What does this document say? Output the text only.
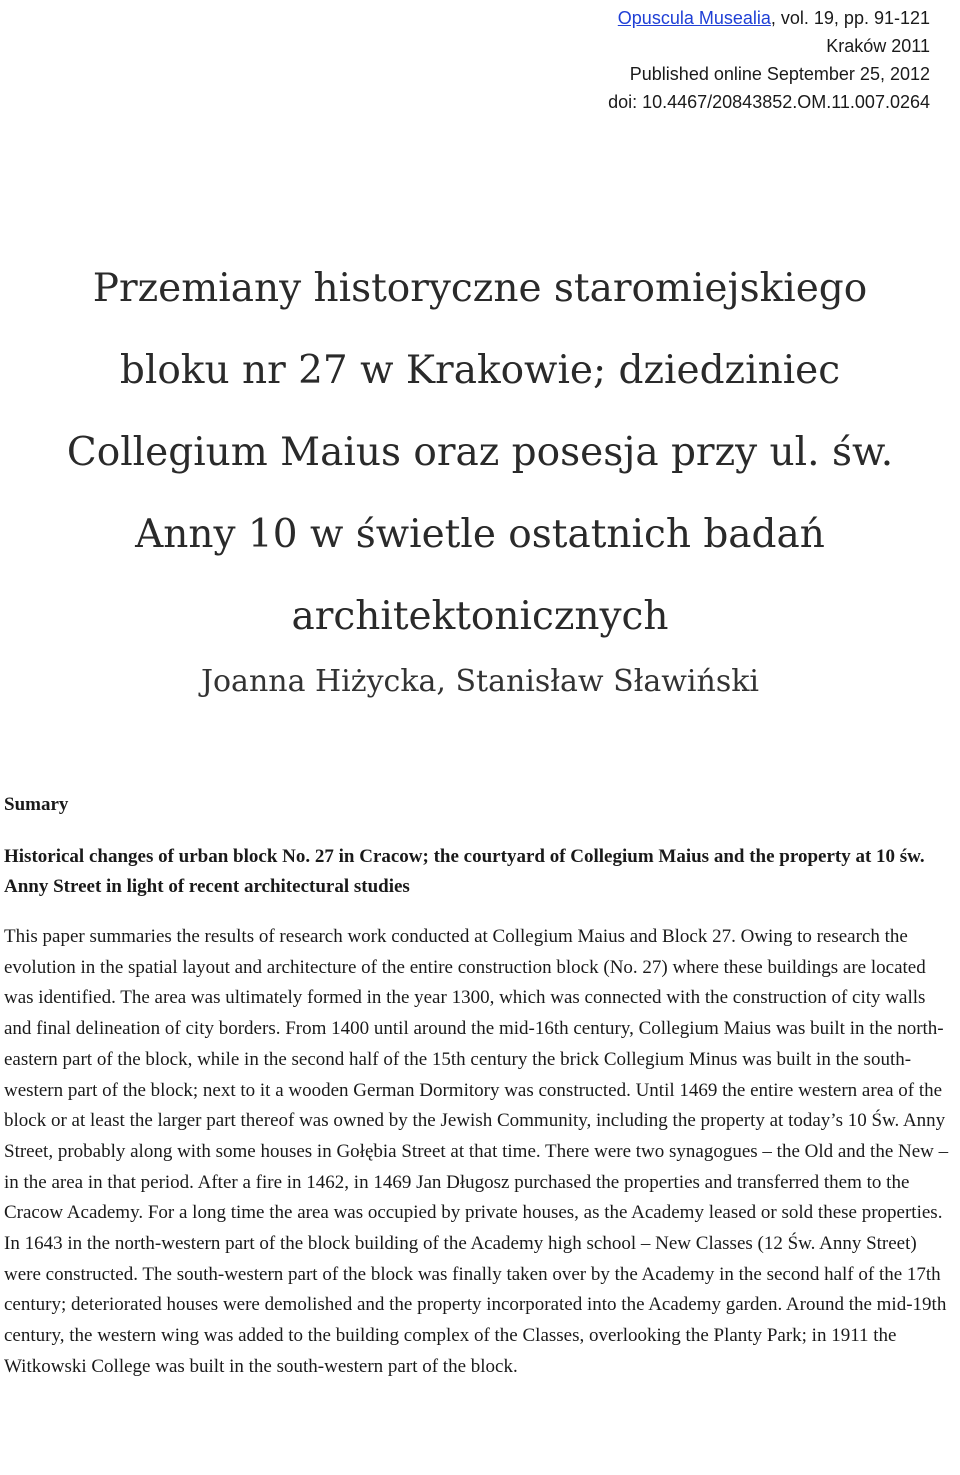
Opuscula Musealia, vol. 19, pp. 91-121
Kraków 2011
Published online September 25, 2012
doi: 10.4467/20843852.OM.11.007.0264
Przemiany historyczne staromiejskiego bloku nr 27 w Krakowie; dziedziniec Collegium Maius oraz posesja przy ul. św. Anny 10 w świetle ostatnich badań architektonicznych
Joanna Hiżycka, Stanisław Sławiński
Sumary

Historical changes of urban block No. 27 in Cracow; the courtyard of Collegium Maius and the property at 10 św. Anny Street in light of recent architectural studies

This paper summaries the results of research work conducted at Collegium Maius and Block 27. Owing to research the evolution in the spatial layout and architecture of the entire construction block (No. 27) where these buildings are located was identified. The area was ultimately formed in the year 1300, which was connected with the construction of city walls and final delineation of city borders. From 1400 until around the mid-16th century, Collegium Maius was built in the north-eastern part of the block, while in the second half of the 15th century the brick Collegium Minus was built in the south-western part of the block; next to it a wooden German Dormitory was constructed. Until 1469 the entire western area of the block or at least the larger part thereof was owned by the Jewish Community, including the property at today’s 10 Św. Anny Street, probably along with some houses in Gołębia Street at that time. There were two synagogues – the Old and the New – in the area in that period. After a fire in 1462, in 1469 Jan Długosz purchased the properties and transferred them to the Cracow Academy. For a long time the area was occupied by private houses, as the Academy leased or sold these properties. In 1643 in the north-western part of the block building of the Academy high school – New Classes (12 Św. Anny Street) were constructed. The south-western part of the block was finally taken over by the Academy in the second half of the 17th century; deteriorated houses were demolished and the property incorporated into the Academy garden. Around the mid-19th century, the western wing was added to the building complex of the Classes, overlooking the Planty Park; in 1911 the Witkowski College was built in the south-western part of the block.
